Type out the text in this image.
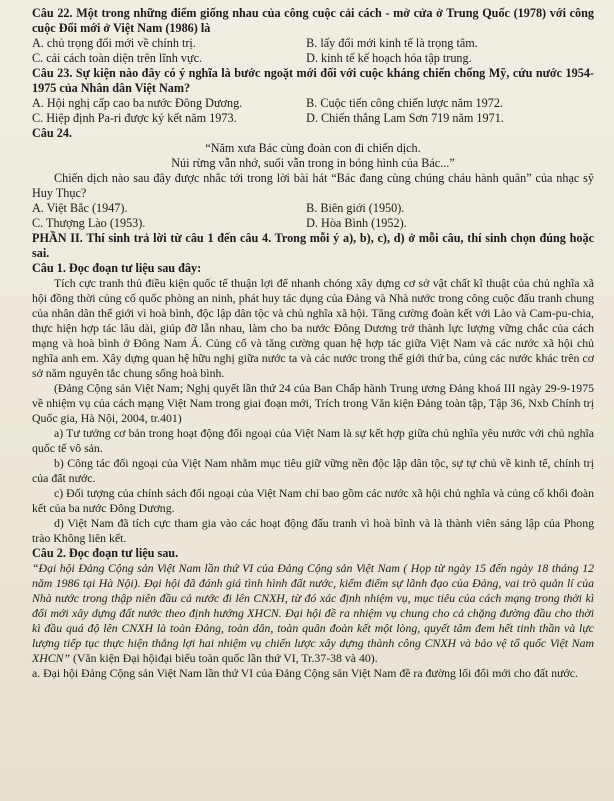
Câu 22. Một trong những điểm giống nhau của công cuộc cải cách - mở cửa ở Trung Quốc (1978) với công cuộc Đổi mới ở Việt Nam (1986) là
A. chủ trọng đổi mới về chính trị.	B. lấy đổi mới kinh tế là trọng tâm.
C. cải cách toàn diện trên lĩnh vực.	D. kinh tế kế hoạch hóa tập trung.
Câu 23. Sự kiện nào đây có ý nghĩa là bước ngoặt mới đối với cuộc kháng chiến chống Mỹ, cứu nước 1954-1975 của Nhân dân Việt Nam?
A. Hội nghị cấp cao ba nước Đông Dương.	B. Cuộc tiến công chiến lược năm 1972.
C. Hiệp định Pa-ri được ký kết năm 1973.	D. Chiến thắng Lam Sơn 719 năm 1971.
Câu 24.
“Năm xưa Bác cùng đoàn con đi chiến dịch.
Núi rừng vẫn nhớ, suối vẫn trong in bóng hình của Bác...”
Chiến dịch nào sau đây được nhắc tới trong lời bài hát “Bác đang cùng chúng cháu hành quân” của nhạc sỹ Huy Thục?
A. Việt Bắc (1947).	B. Biên giới (1950).
C. Thượng Lào (1953).	D. Hòa Bình (1952).
PHẦN II. Thí sinh trả lời từ câu 1 đến câu 4. Trong mỗi ý a), b), c), d) ở mỗi câu, thí sinh chọn đúng hoặc sai.
Câu 1. Đọc đoạn tư liệu sau đây:
Tích cực tranh thủ điều kiện quốc tế thuận lợi để nhanh chóng xây dựng cơ sở vật chất kĩ thuật của chủ nghĩa xã hội đồng thời củng cố quốc phòng an ninh, phát huy tác dụng của Đảng và Nhà nước trong công cuộc đấu tranh chung của nhân dân thế giới vì hoà bình, độc lập dân tộc và chủ nghĩa xã hội. Tăng cường đoàn kết với Lào và Cam-pu-chia, thực hiện hợp tác lâu dài, giúp đỡ lẫn nhau, làm cho ba nước Đông Dương trở thành lực lượng vững chắc của cách mạng và hoà bình ở Đông Nam Á. Củng cố và tăng cường quan hệ hợp tác giữa Việt Nam và các nước xã hội chủ nghĩa anh em. Xây dựng quan hệ hữu nghị giữa nước ta và các nước trong thế giới thứ ba, củng các nước khác trên cơ sở năm nguyên tắc chung sống hoà bình.
(Đảng Cộng sản Việt Nam; Nghị quyết lần thứ 24 của Ban Chấp hành Trung ương Đảng khoá III ngày 29-9-1975 về nhiệm vụ của cách mạng Việt Nam trong giai đoạn mới, Trích trong Văn kiện Đảng toàn tập, Tập 36, Nxb Chính trị Quốc gia, Hà Nội, 2004, tr.401)
a) Tư tưởng cơ bản trong hoạt động đối ngoại của Việt Nam là sự kết hợp giữa chủ nghĩa yêu nước với chủ nghĩa quốc tế vô sản.
b) Công tác đối ngoại của Việt Nam nhằm mục tiêu giữ vững nền độc lập dân tộc, sự tự chủ về kinh tế, chính trị của đất nước.
c) Đối tượng của chính sách đối ngoại của Việt Nam chỉ bao gồm các nước xã hội chủ nghĩa và củng cố khối đoàn kết của ba nước Đông Dương.
d) Việt Nam đã tích cực tham gia vào các hoạt động đấu tranh vì hoà bình và là thành viên sáng lập của Phong trào Không liên kết.
Câu 2. Đọc đoạn tư liệu sau.
“Đại hội Đảng Cộng sản Việt Nam lần thứ VI của Đảng Cộng sản Việt Nam ( Họp từ ngày 15 đến ngày 18 tháng 12 năm 1986 tại Hà Nội). Đại hội đã đánh giá tình hình đất nước, kiểm điểm sự lãnh đạo của Đảng, vai trò quản lí của Nhà nước trong thập niên đầu cả nước đi lên CNXH, từ đó xác định nhiệm vụ, mục tiêu của cách mạng trong thời kì đổi mới xây dựng đất nước theo định hướng XHCN. Đại hội đề ra nhiệm vụ chung cho cả chặng đường đầu cho thời kì đầu quá độ lên CNXH là toàn Đảng, toàn dân, toàn quân đoàn kết một lòng, quyết tâm đem hết tinh thần và lực lượng tiếp tục thực hiện thắng lợi hai nhiệm vụ chiến lược xây dựng thành công CNXH và bảo vệ tổ quốc Việt Nam XHCN” (Văn kiện Đại hộiđại biểu toàn quốc lần thứ VI, Tr.37-38 và 40).
a. Đại hội Đảng Cộng sản Việt Nam lần thứ VI của Đảng Cộng sản Việt Nam đề ra đường lối đổi mới cho đất nước.
